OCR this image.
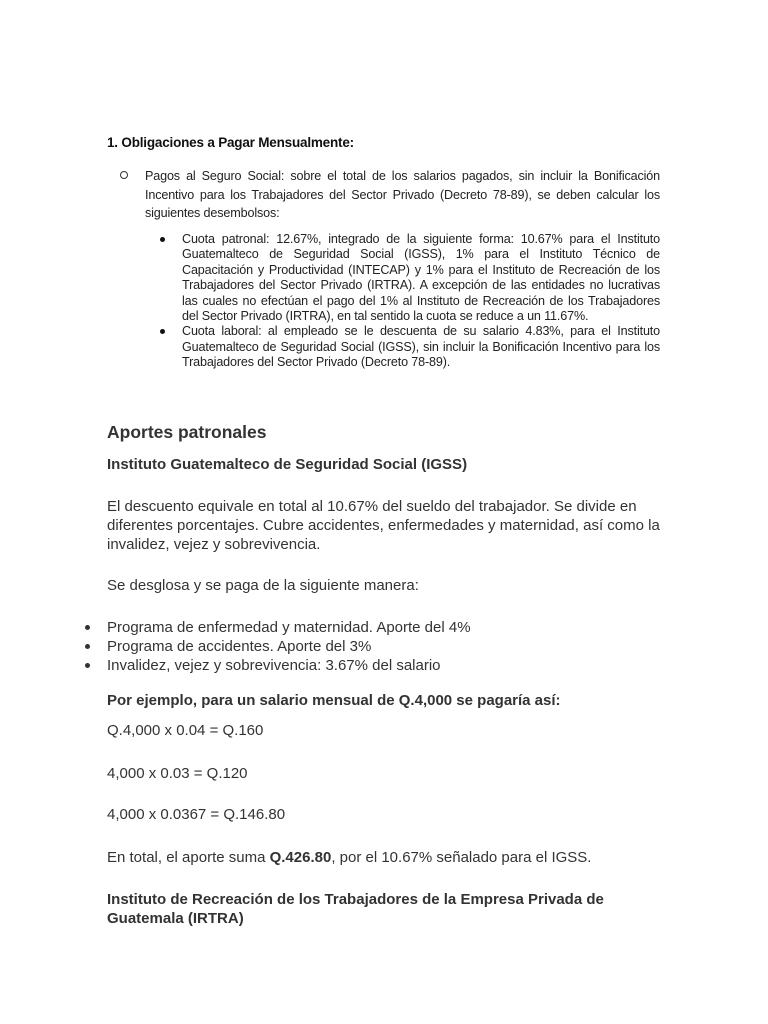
1. Obligaciones a Pagar Mensualmente:
Pagos al Seguro Social: sobre el total de los salarios pagados, sin incluir la Bonificación Incentivo para los Trabajadores del Sector Privado (Decreto 78-89), se deben calcular los siguientes desembolsos:
Cuota patronal: 12.67%, integrado de la siguiente forma: 10.67% para el Instituto Guatemalteco de Seguridad Social (IGSS), 1% para el Instituto Técnico de Capacitación y Productividad (INTECAP) y 1% para el Instituto de Recreación de los Trabajadores del Sector Privado (IRTRA). A excepción de las entidades no lucrativas las cuales no efectúan el pago del 1% al Instituto de Recreación de los Trabajadores del Sector Privado (IRTRA), en tal sentido la cuota se reduce a un 11.67%.
Cuota laboral: al empleado se le descuenta de su salario 4.83%, para el Instituto Guatemalteco de Seguridad Social (IGSS), sin incluir la Bonificación Incentivo para los Trabajadores del Sector Privado (Decreto 78-89).
Aportes patronales
Instituto Guatemalteco de Seguridad Social (IGSS)
El descuento equivale en total al 10.67% del sueldo del trabajador. Se divide en diferentes porcentajes. Cubre accidentes, enfermedades y maternidad, así como la invalidez, vejez y sobrevivencia.
Se desglosa y se paga de la siguiente manera:
Programa de enfermedad y maternidad. Aporte del 4%
Programa de accidentes. Aporte del 3%
Invalidez, vejez y sobrevivencia: 3.67% del salario
Por ejemplo, para un salario mensual de Q.4,000 se pagaría así:
Q.4,000 x 0.04 = Q.160
4,000 x 0.03 = Q.120
4,000 x 0.0367 = Q.146.80
En total, el aporte suma Q.426.80, por el 10.67% señalado para el IGSS.
Instituto de Recreación de los Trabajadores de la Empresa Privada de Guatemala (IRTRA)
